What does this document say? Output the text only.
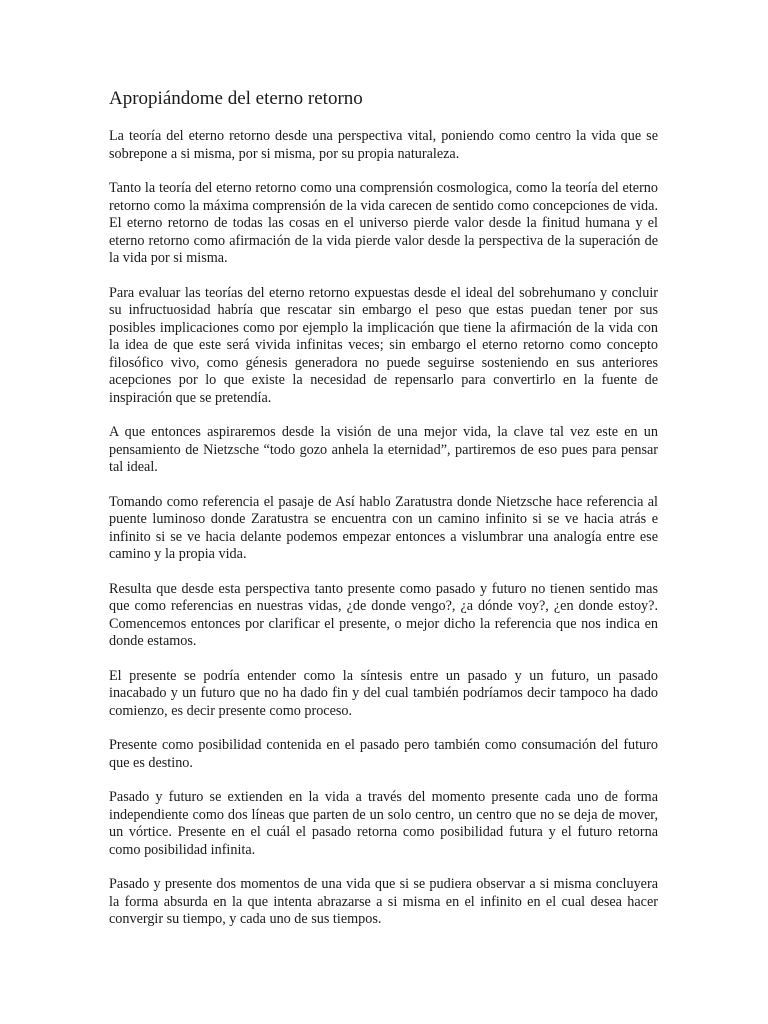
Apropiándome del eterno retorno

La teoría del eterno retorno desde una perspectiva vital, poniendo como centro la vida que se sobrepone a si misma, por si misma, por su propia naturaleza.

Tanto la teoría del eterno retorno como una comprensión cosmologica, como la teoría del eterno retorno como la máxima comprensión de la vida carecen de sentido como concepciones de vida. El eterno retorno de todas las cosas en el universo pierde valor desde la finitud humana y el eterno retorno como afirmación de la vida pierde valor desde la perspectiva de la superación de la vida por si misma.

Para evaluar las teorías del eterno retorno expuestas desde el ideal del sobrehumano y concluir su infructuosidad habría que rescatar sin embargo el peso que estas puedan tener por sus posibles implicaciones como por ejemplo la implicación que tiene la afirmación de la vida con la idea de que este será vivida infinitas veces; sin embargo el eterno retorno como concepto filosófico vivo, como génesis generadora no puede seguirse sosteniendo en sus anteriores acepciones por lo que existe la necesidad de repensarlo para convertirlo en la fuente de inspiración que se pretendía.

A que entonces aspiraremos desde la visión de una mejor vida, la clave tal vez este en un pensamiento de Nietzsche “todo gozo anhela la eternidad”, partiremos de eso pues para pensar tal ideal.

Tomando como referencia el pasaje de Así hablo Zaratustra donde Nietzsche hace referencia al puente luminoso donde Zaratustra se encuentra con un camino infinito si se ve hacia atrás e infinito si se ve hacia delante podemos empezar entonces a vislumbrar una analogía entre ese camino y la propia vida.

Resulta que desde esta perspectiva tanto presente como pasado y futuro no tienen sentido mas que como referencias en nuestras vidas, ¿de donde vengo?, ¿a dónde voy?, ¿en donde estoy?. Comencemos entonces por clarificar el presente, o mejor dicho la referencia que nos indica en donde estamos.

El presente se podría entender como la síntesis entre un pasado y un futuro, un pasado inacabado y un futuro que no ha dado fin y del cual también podríamos decir tampoco ha dado comienzo, es decir presente como proceso.

Presente como posibilidad contenida en el pasado pero también como consumación del futuro que es destino.

Pasado y futuro se extienden en la vida a través del momento presente cada uno de forma independiente como dos líneas que parten de un solo centro, un centro que no se deja de mover, un vórtice. Presente en el cuál el pasado retorna como posibilidad futura y el futuro retorna como posibilidad infinita.

Pasado y presente dos momentos de una vida que si se pudiera observar a si misma concluyera la forma absurda en la que intenta abrazarse a si misma en el infinito en el cual desea hacer convergir su tiempo, y cada uno de sus tiempos.
